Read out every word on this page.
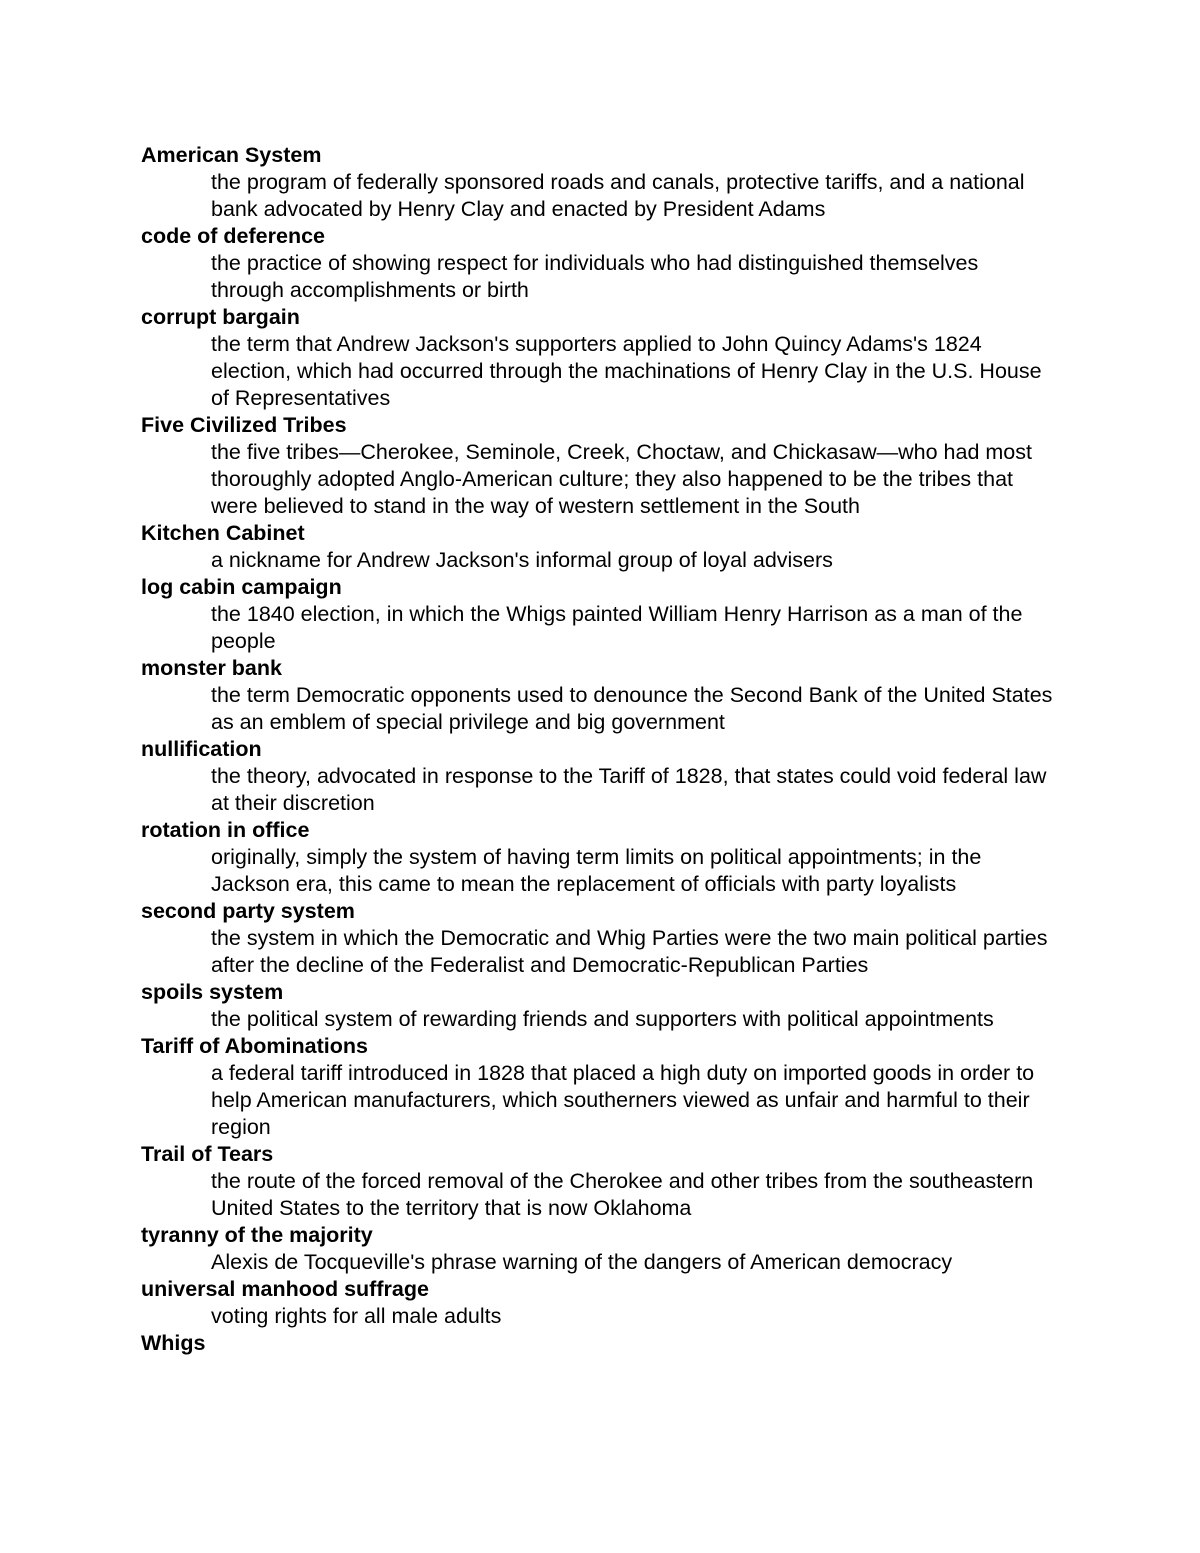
American System
the program of federally sponsored roads and canals, protective tariffs, and a national bank advocated by Henry Clay and enacted by President Adams
code of deference
the practice of showing respect for individuals who had distinguished themselves through accomplishments or birth
corrupt bargain
the term that Andrew Jackson's supporters applied to John Quincy Adams's 1824 election, which had occurred through the machinations of Henry Clay in the U.S. House of Representatives
Five Civilized Tribes
the five tribes—Cherokee, Seminole, Creek, Choctaw, and Chickasaw—who had most thoroughly adopted Anglo-American culture; they also happened to be the tribes that were believed to stand in the way of western settlement in the South
Kitchen Cabinet
a nickname for Andrew Jackson's informal group of loyal advisers
log cabin campaign
the 1840 election, in which the Whigs painted William Henry Harrison as a man of the people
monster bank
the term Democratic opponents used to denounce the Second Bank of the United States as an emblem of special privilege and big government
nullification
the theory, advocated in response to the Tariff of 1828, that states could void federal law at their discretion
rotation in office
originally, simply the system of having term limits on political appointments; in the Jackson era, this came to mean the replacement of officials with party loyalists
second party system
the system in which the Democratic and Whig Parties were the two main political parties after the decline of the Federalist and Democratic-Republican Parties
spoils system
the political system of rewarding friends and supporters with political appointments
Tariff of Abominations
a federal tariff introduced in 1828 that placed a high duty on imported goods in order to help American manufacturers, which southerners viewed as unfair and harmful to their region
Trail of Tears
the route of the forced removal of the Cherokee and other tribes from the southeastern United States to the territory that is now Oklahoma
tyranny of the majority
Alexis de Tocqueville's phrase warning of the dangers of American democracy
universal manhood suffrage
voting rights for all male adults
Whigs
